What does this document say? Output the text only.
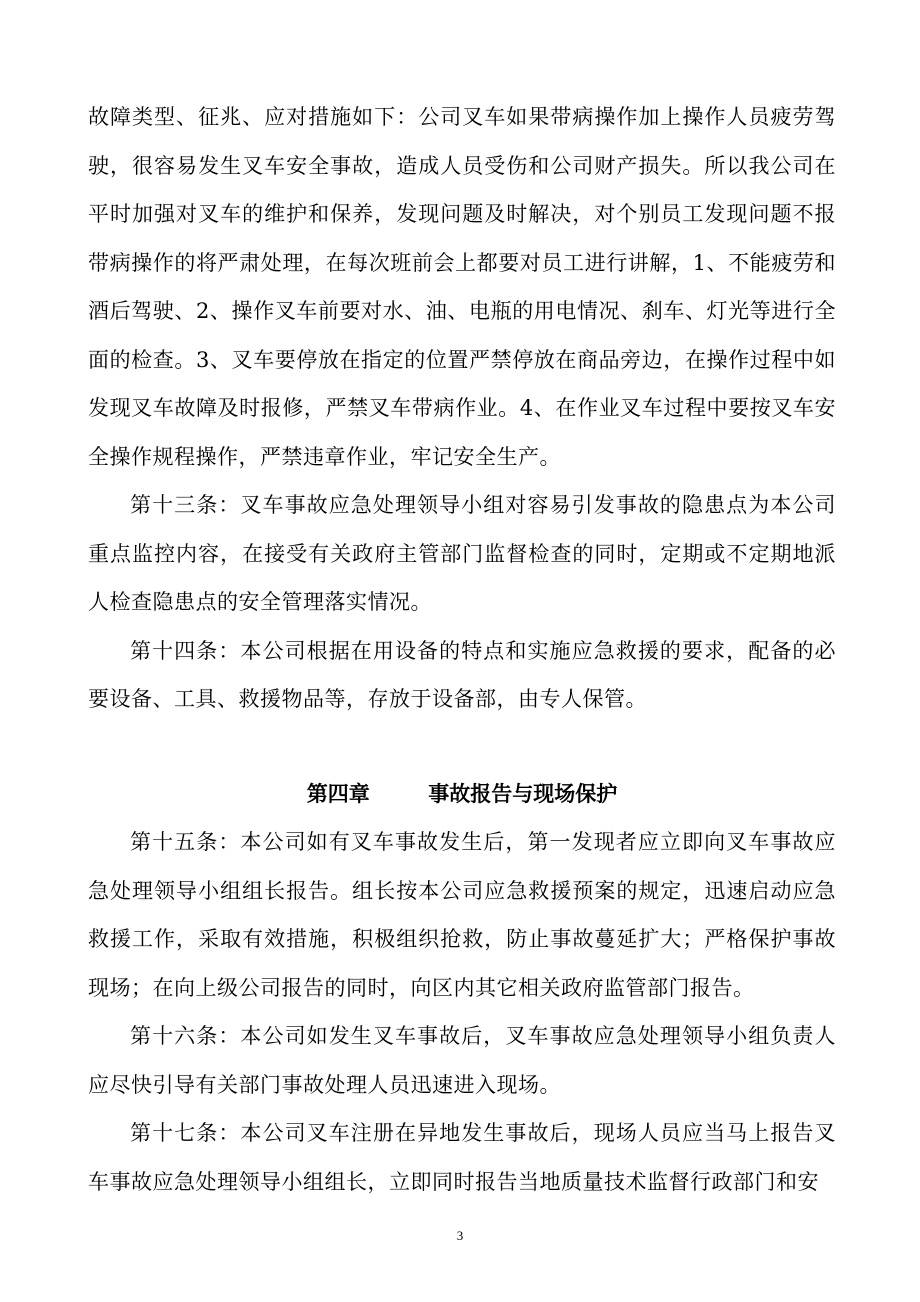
故障类型、征兆、应对措施如下：公司叉车如果带病操作加上操作人员疲劳驾驶，很容易发生叉车安全事故，造成人员受伤和公司财产损失。所以我公司在平时加强对叉车的维护和保养，发现问题及时解决，对个别员工发现问题不报带病操作的将严肃处理，在每次班前会上都要对员工进行讲解，1、不能疲劳和酒后驾驶、2、操作叉车前要对水、油、电瓶的用电情况、刹车、灯光等进行全面的检查。3、叉车要停放在指定的位置严禁停放在商品旁边，在操作过程中如发现叉车故障及时报修，严禁叉车带病作业。4、在作业叉车过程中要按叉车安全操作规程操作，严禁违章作业，牢记安全生产。

第十三条：叉车事故应急处理领导小组对容易引发事故的隐患点为本公司重点监控内容，在接受有关政府主管部门监督检查的同时，定期或不定期地派人检查隐患点的安全管理落实情况。

第十四条：本公司根据在用设备的特点和实施应急救援的要求，配备的必要设备、工具、救援物品等，存放于设备部，由专人保管。

第四章        事故报告与现场保护

第十五条：本公司如有叉车事故发生后，第一发现者应立即向叉车事故应急处理领导小组组长报告。组长按本公司应急救援预案的规定，迅速启动应急救援工作，采取有效措施，积极组织抢救，防止事故蔓延扩大；严格保护事故现场；在向上级公司报告的同时，向区内其它相关政府监管部门报告。

第十六条：本公司如发生叉车事故后，叉车事故应急处理领导小组负责人应尽快引导有关部门事故处理人员迅速进入现场。

第十七条：本公司叉车注册在异地发生事故后，现场人员应当马上报告叉车事故应急处理领导小组组长，立即同时报告当地质量技术监督行政部门和安

3
